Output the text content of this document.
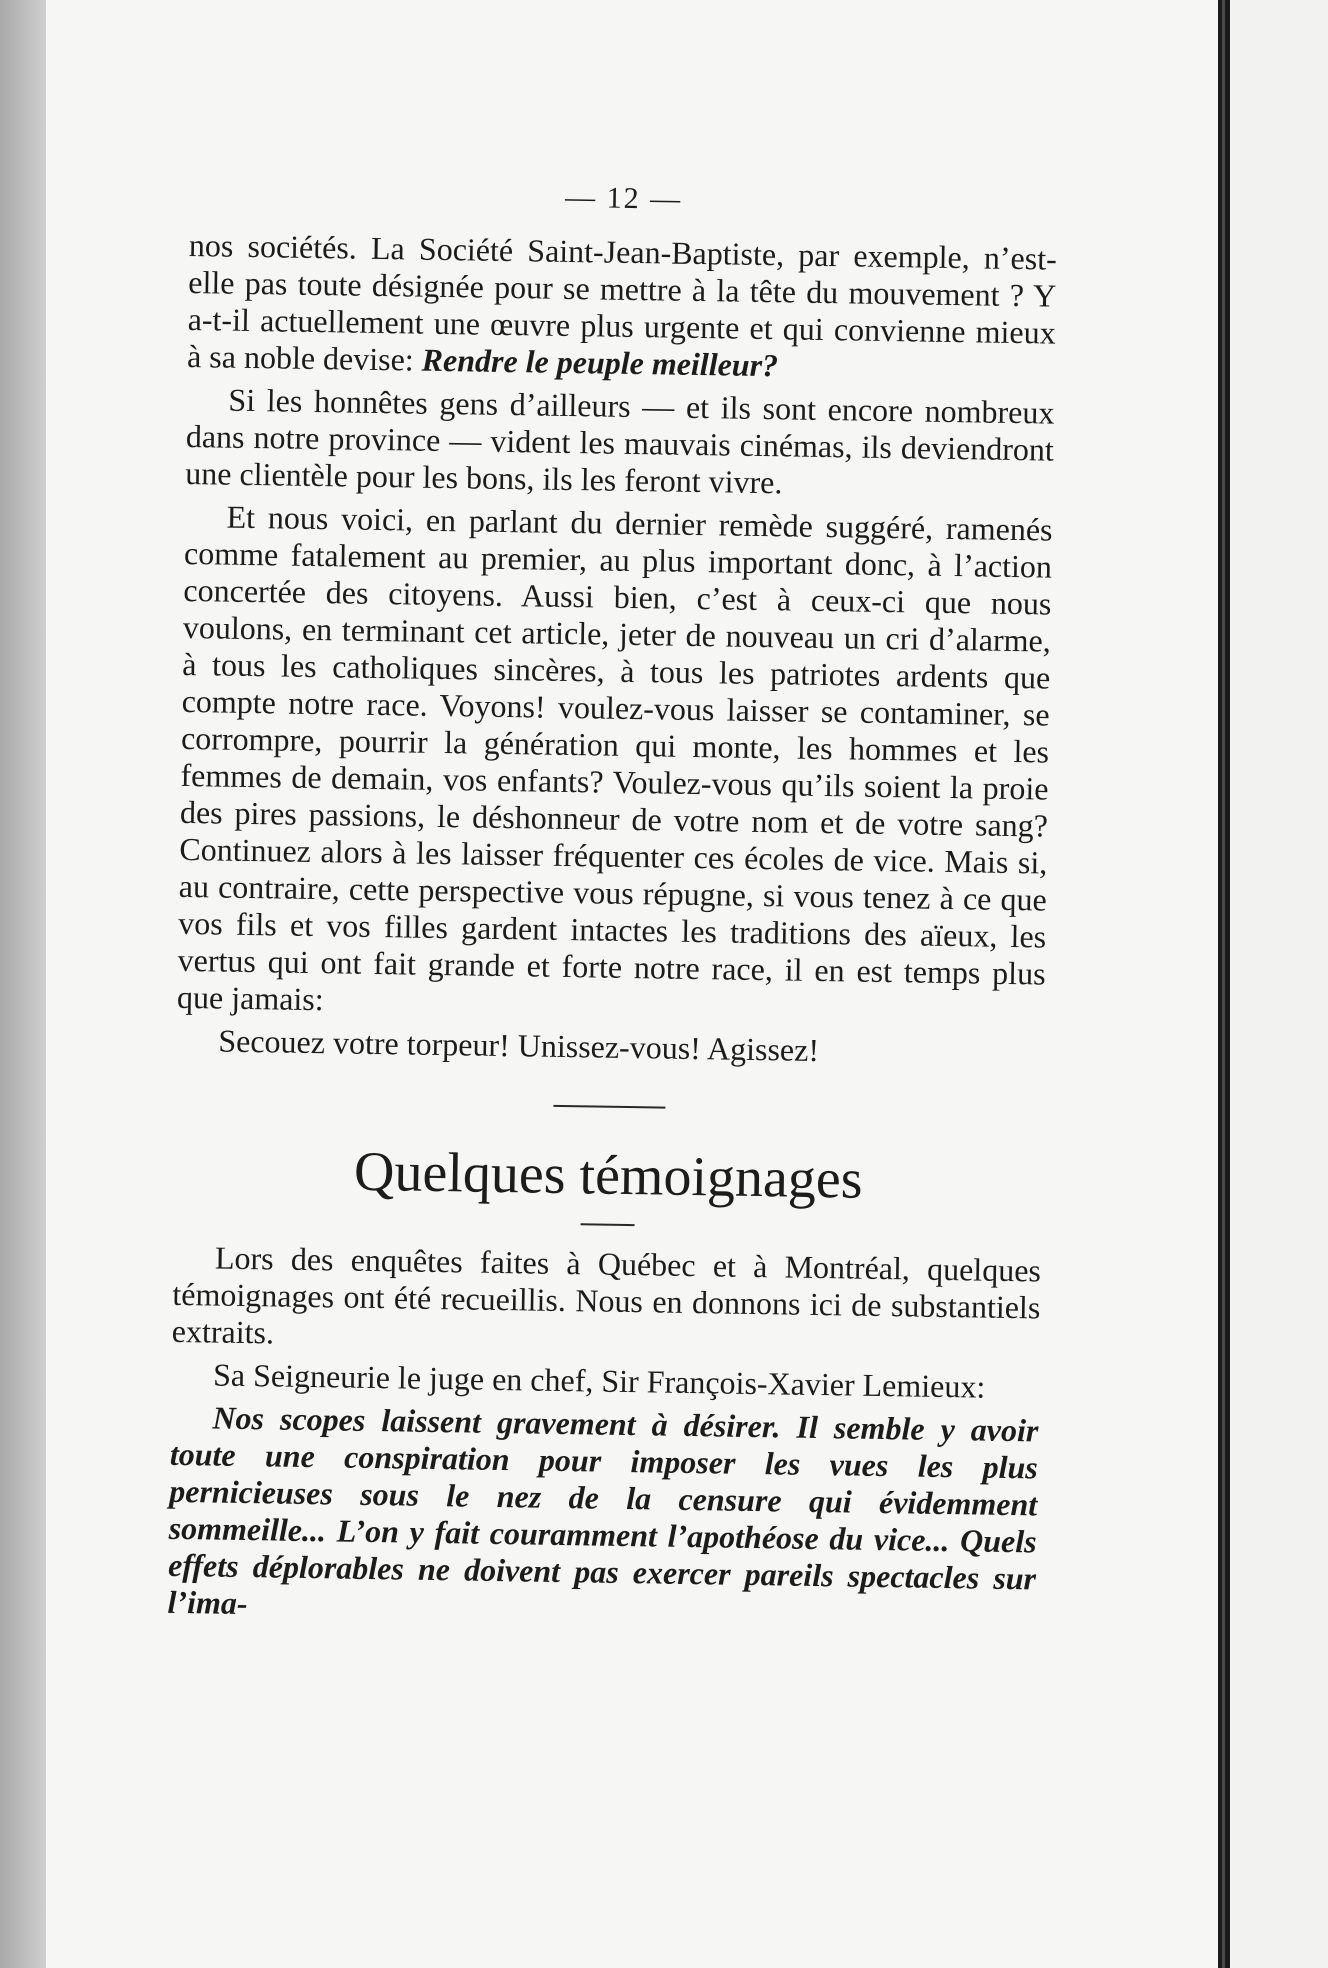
— 12 —

nos sociétés. La Société Saint-Jean-Baptiste, par exemple, n’est-elle pas toute désignée pour se mettre à la tête du mouvement ? Y a-t-il actuellement une œuvre plus urgente et qui convienne mieux à sa noble devise: Rendre le peuple meilleur?

Si les honnêtes gens d’ailleurs — et ils sont encore nombreux dans notre province — vident les mauvais cinémas, ils deviendront une clientèle pour les bons, ils les feront vivre.

Et nous voici, en parlant du dernier remède suggéré, ramenés comme fatalement au premier, au plus important donc, à l’action concertée des citoyens. Aussi bien, c’est à ceux-ci que nous voulons, en terminant cet article, jeter de nouveau un cri d’alarme, à tous les catholiques sincères, à tous les patriotes ardents que compte notre race. Voyons! voulez-vous laisser se contaminer, se corrompre, pourrir la génération qui monte, les hommes et les femmes de demain, vos enfants? Voulez-vous qu’ils soient la proie des pires passions, le déshonneur de votre nom et de votre sang? Continuez alors à les laisser fréquenter ces écoles de vice. Mais si, au contraire, cette perspective vous répugne, si vous tenez à ce que vos fils et vos filles gardent intactes les traditions des aïeux, les vertus qui ont fait grande et forte notre race, il en est temps plus que jamais:

Secouez votre torpeur! Unissez-vous! Agissez!

Quelques témoignages

Lors des enquêtes faites à Québec et à Montréal, quelques témoignages ont été recueillis. Nous en donnons ici de substantiels extraits.

Sa Seigneurie le juge en chef, Sir François-Xavier Lemieux:

Nos scopes laissent gravement à désirer. Il semble y avoir toute une conspiration pour imposer les vues les plus pernicieuses sous le nez de la censure qui évidemment sommeille... L’on y fait couramment l’apothéose du vice... Quels effets déplorables ne doivent pas exercer pareils spectacles sur l’ima-
